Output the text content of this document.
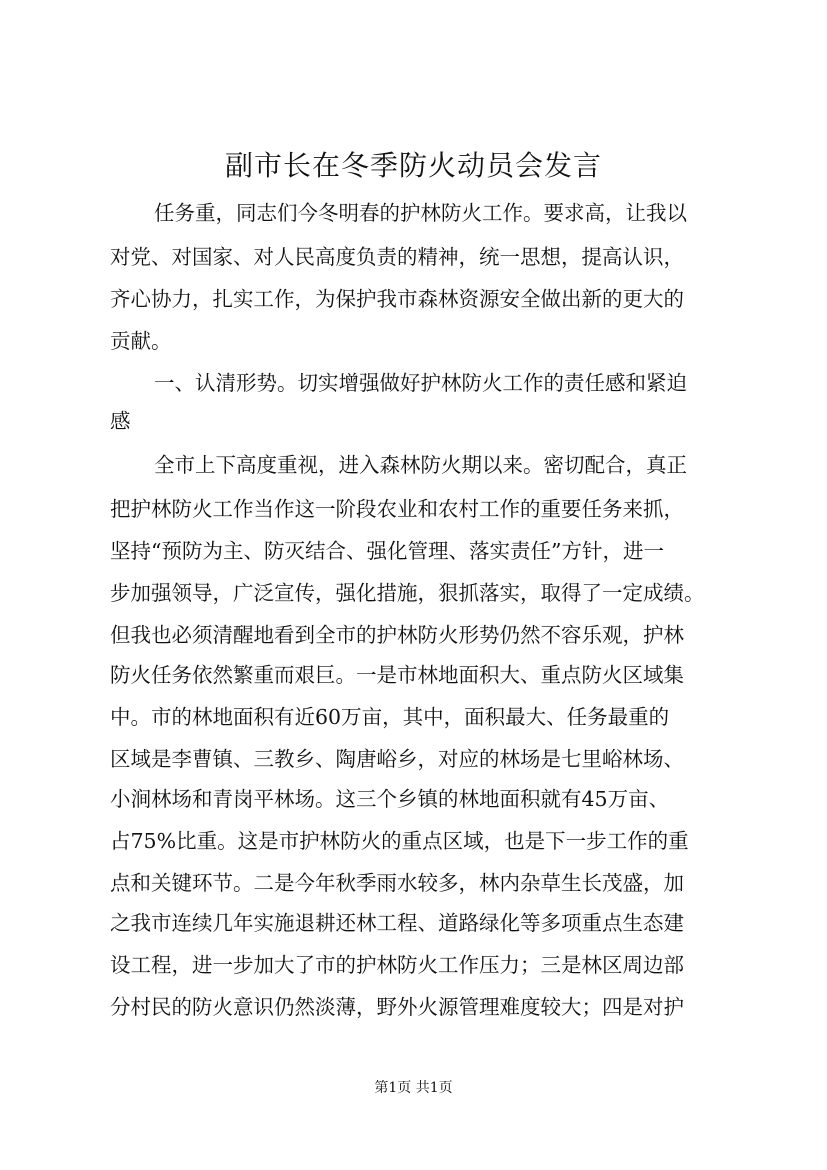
副市长在冬季防火动员会发言

任务重，同志们今冬明春的护林防火工作。要求高，让我以

对党、对国家、对人民高度负责的精神，统一思想，提高认识，

齐心协力，扎实工作，为保护我市森林资源安全做出新的更大的

贡献。

一、认清形势。切实增强做好护林防火工作的责任感和紧迫

感

全市上下高度重视，进入森林防火期以来。密切配合，真正

把护林防火工作当作这一阶段农业和农村工作的重要任务来抓，

坚持“预防为主、防灭结合、强化管理、落实责任”方针，进一

步加强领导，广泛宣传，强化措施，狠抓落实，取得了一定成绩。

但我也必须清醒地看到全市的护林防火形势仍然不容乐观，护林

防火任务依然繁重而艰巨。一是市林地面积大、重点防火区域集

中。市的林地面积有近60万亩，其中，面积最大、任务最重的

区域是李曹镇、三教乡、陶唐峪乡，对应的林场是七里峪林场、

小涧林场和青岗平林场。这三个乡镇的林地面积就有45万亩、

占75%比重。这是市护林防火的重点区域，也是下一步工作的重

点和关键环节。二是今年秋季雨水较多，林内杂草生长茂盛，加

之我市连续几年实施退耕还林工程、道路绿化等多项重点生态建

设工程，进一步加大了市的护林防火工作压力；三是林区周边部

分村民的防火意识仍然淡薄，野外火源管理难度较大；四是对护

第1页 共1页
